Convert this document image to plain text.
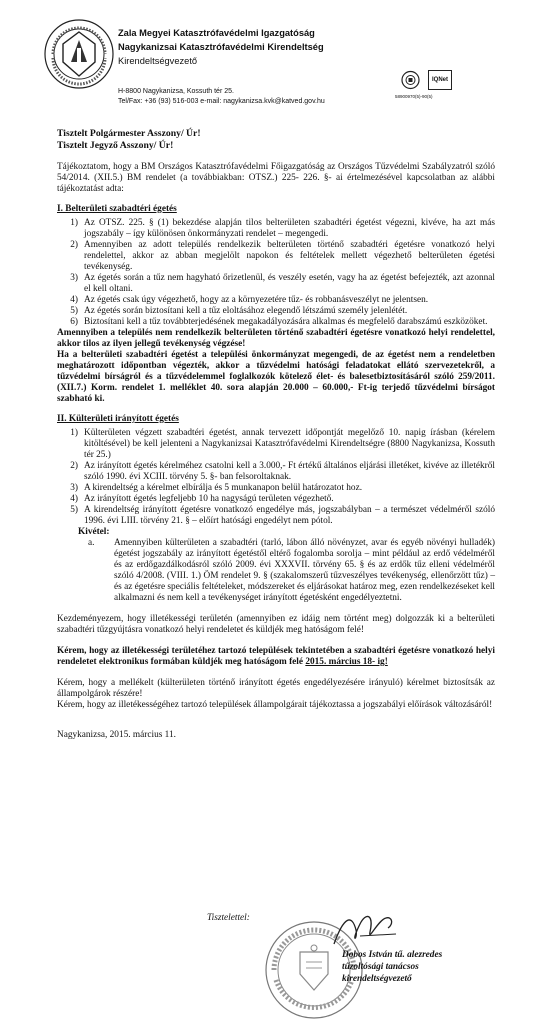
Zala Megyei Katasztrófavédelmi Igazgatóság
Nagykanizsai Katasztrófavédelmi Kirendeltség
Kirendeltségvezető
H-8800 Nagykanizsa, Kossuth tér 25.
Tel/Fax: +36 (93) 516-003 e-mail: nagykanizsa.kvk@katved.gov.hu
IQNet
58900970(5)-90(5)

Tisztelt Polgármester Asszony/ Úr!

Tisztelt Jegyző Asszony/ Úr!

Tájékoztatom, hogy a BM Országos Katasztrófavédelmi Főigazgatóság az Országos Tűzvédelmi Szabályzatról szóló 54/2014. (XII.5.) BM rendelet (a továbbiakban: OTSZ.) 225- 226. §- ai értelmezésével kapcsolatban az alábbi tájékoztatást adta:

I. Belterületi szabadtéri égetés
1) Az OTSZ. 225. § (1) bekezdése alapján tilos belterületen szabadtéri égetést végezni, kivéve, ha azt más jogszabály – így különösen önkormányzati rendelet – megengedi.
2) Amennyiben az adott település rendelkezik belterületen történő szabadtéri égetésre vonatkozó helyi rendelettel, akkor az abban megjelölt napokon és feltételek mellett végezhető belterületen égetési tevékenység.
3) Az égetés során a tűz nem hagyható őrizetlenül, és veszély esetén, vagy ha az égetést befejezték, azt azonnal el kell oltani.
4) Az égetés csak úgy végezhető, hogy az a környezetére tűz- és robbanásveszélyt ne jelentsen.
5) Az égetés során biztosítani kell a tűz eloltásához elegendő létszámú személy jelenlétét.
6) Biztosítani kell a tűz továbbterjedésének megakadályozására alkalmas és megfelelő darabszámú eszközöket.

Amennyiben a település nem rendelkezik belterületen történő szabadtéri égetésre vonatkozó helyi rendelettel, akkor tilos az ilyen jellegű tevékenység végzése!

Ha a belterületi szabadtéri égetést a települési önkormányzat megengedi, de az égetést nem a rendeletben meghatározott időpontban végezték, akkor a tűzvédelmi hatósági feladatokat ellátó szervezetekről, a tűzvédelmi bírságról és a tűzvédelemmel foglalkozók kötelező élet- és balesetbiztosításáról szóló 259/2011. (XII.7.) Korm. rendelet 1. melléklet 40. sora alapján 20.000 – 60.000,- Ft-ig terjedő tűzvédelmi bírságot szabható ki.

II. Külterületi irányított égetés
1) Külterületen végzett szabadtéri égetést, annak tervezett időpontját megelőző 10. napig írásban (kérelem kitöltésével) be kell jelenteni a Nagykanizsai Katasztrófavédelmi Kirendeltségre (8800 Nagykanizsa, Kossuth tér 25.)
2) Az irányított égetés kérelméhez csatolni kell a 3.000,- Ft értékű általános eljárási illetéket, kivéve az illetékről szóló 1990. évi XCIII. törvény 5. §- ban felsoroltaknak.
3) A kirendeltség a kérelmet elbírálja és 5 munkanapon belül határozatot hoz.
4) Az irányított égetés legfeljebb 10 ha nagyságú területen végezhető.
5) A kirendeltség irányított égetésre vonatkozó engedélye más, jogszabályban – a természet védelméről szóló 1996. évi LIII. törvény 21. § – előírt hatósági engedélyt nem pótol.

Kivétel:

a.	Amennyiben külterületen a szabadtéri (tarló, lábon álló növényzet, avar és egyéb növényi hulladék) égetést jogszabály az irányított égetéstől eltérő fogalomba sorolja – mint például az erdő védelméről és az erdőgazdálkodásról szóló 2009. évi XXXVII. törvény 65. § és az erdők tűz elleni védelméről szóló 4/2008. (VIII. 1.) ÖM rendelet 9. § (szakalomszerű tűzveszélyes tevékenység, ellenőrzött tűz) – és az égetésre speciális feltételeket, módszereket és eljárásokat határoz meg, ezen rendelkezéseket kell alkalmazni és nem kell a tevékenységet irányított égetésként engedélyeztetni.

Kezdeményezem, hogy illetékességi területén (amennyiben ez idáig nem történt meg) dolgozzák ki a belterületi szabadtéri tűzgyújtásra vonatkozó helyi rendeletet és küldjék meg hatóságom felé!

Kérem, hogy az illetékességi területéhez tartozó települések tekintetében a szabadtéri égetésre vonatkozó helyi rendeletet elektronikus formában küldjék meg hatóságom felé 2015. március 18- ig!

Kérem, hogy a mellékelt (külterületen történő irányított égetés engedélyezésére irányuló) kérelmet biztosítsák az állampolgárok részére!

Kérem, hogy az illetékességéhez tartozó települések állampolgárait tájékoztassa a jogszabályi előírások változásáról!

Nagykanizsa, 2015. március 11.

Tisztelettel:
Dobos István tű. alezredes
tűzoltósági tanácsos
kirendeltségvezető
